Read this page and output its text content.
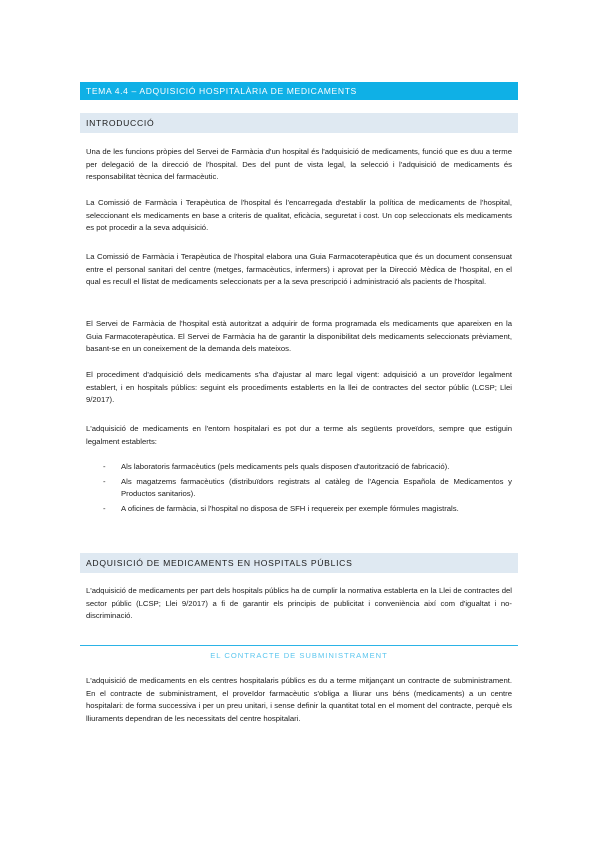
TEMA 4.4 – ADQUISICIÓ HOSPITALÀRIA DE MEDICAMENTS
INTRODUCCIÓ

Una de les funcions pròpies del Servei de Farmàcia d'un hospital és l'adquisició de medicaments, funció que es duu a terme per delegació de la direcció de l'hospital. Des del punt de vista legal, la selecció i l'adquisició de medicaments és responsabilitat tècnica del farmacèutic.

La Comissió de Farmàcia i Terapèutica de l'hospital és l'encarregada d'establir la política de medicaments de l'hospital, seleccionant els medicaments en base a criteris de qualitat, eficàcia, seguretat i cost. Un cop seleccionats els medicaments es pot procedir a la seva adquisició.

La Comissió de Farmàcia i Terapèutica de l'hospital elabora una Guia Farmacoterapèutica que és un document consensuat entre el personal sanitari del centre (metges, farmacèutics, infermers) i aprovat per la Direcció Mèdica de l'hospital, en el qual es recull el llistat de medicaments seleccionats per a la seva prescripció i administració als pacients de l'hospital.

El Servei de Farmàcia de l'hospital està autoritzat a adquirir de forma programada els medicaments que apareixen en la Guia Farmacoterapèutica. El Servei de Farmàcia ha de garantir la disponibilitat dels medicaments seleccionats prèviament, basant-se en un coneixement de la demanda dels mateixos.

El procediment d'adquisició dels medicaments s'ha d'ajustar al marc legal vigent: adquisició a un proveïdor legalment establert, i en hospitals públics: seguint els procediments establerts en la llei de contractes del sector públic (LCSP; Llei 9/2017).

L'adquisició de medicaments en l'entorn hospitalari es pot dur a terme als següents proveïdors, sempre que estiguin legalment establerts:

- Als laboratoris farmacèutics (pels medicaments pels quals disposen d'autorització de fabricació).
- Als magatzems farmacèutics (distribuïdors registrats al catàleg de l'Agencia Española de Medicamentos y Productos sanitarios).
- A oficines de farmàcia, si l'hospital no disposa de SFH i requereix per exemple fórmules magistrals.
ADQUISICIÓ DE MEDICAMENTS EN HOSPITALS PÚBLICS

L'adquisició de medicaments per part dels hospitals públics ha de cumplir la normativa establerta en la Llei de contractes del sector públic (LCSP; Llei 9/2017) a fi de garantir els principis de publicitat i conveniència així com d'igualtat i no-discriminació.

EL CONTRACTE DE SUBMINISTRAMENT

L'adquisició de medicaments en els centres hospitalaris públics es du a terme mitjançant un contracte de subministrament. En el contracte de subministrament, el proveïdor farmacèutic s'obliga a lliurar uns béns (medicaments) a un centre hospitalari: de forma successiva i per un preu unitari, i sense definir la quantitat total en el moment del contracte, perquè els lliuraments dependran de les necessitats del centre hospitalari.
